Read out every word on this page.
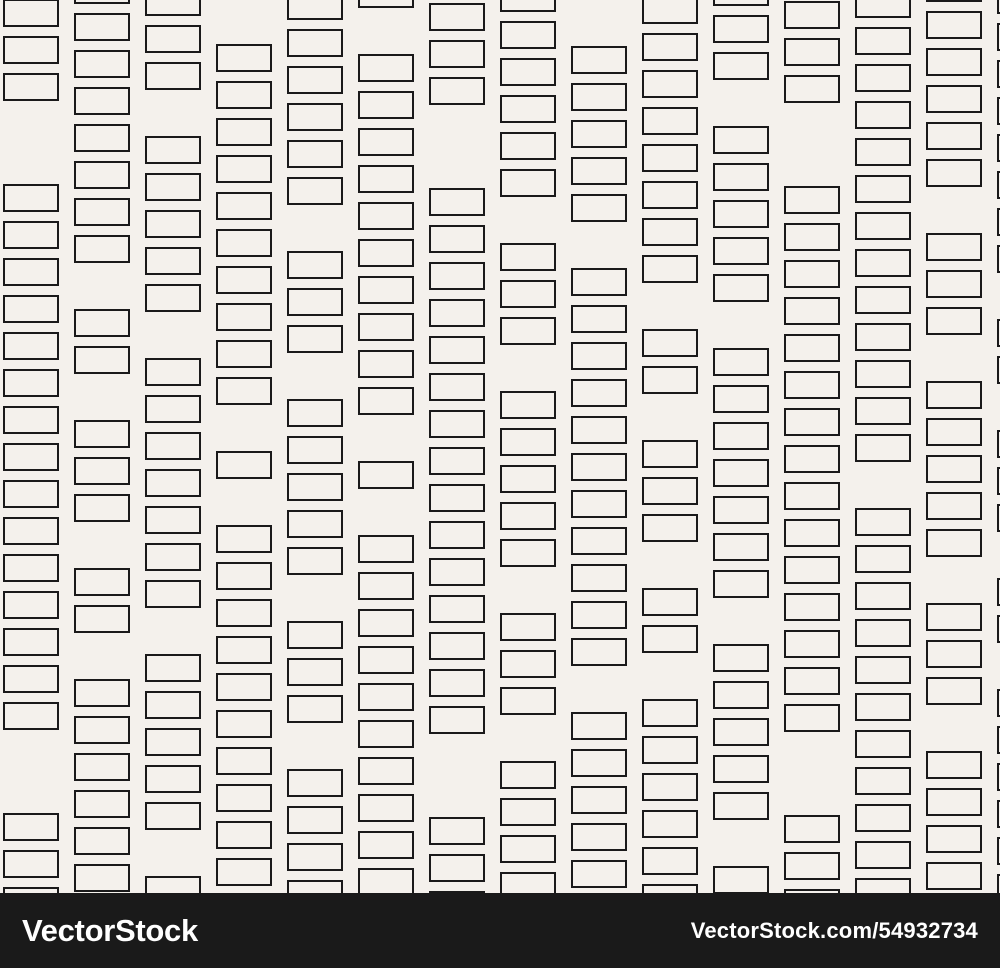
VectorStock	VectorStock.com/54932734
